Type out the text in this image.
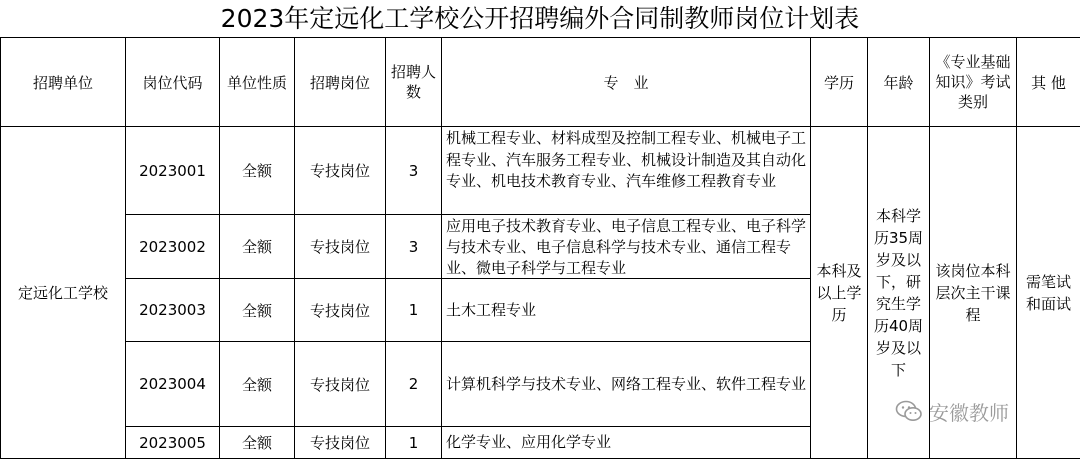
2023年定远化工学校公开招聘编外合同制教师岗位计划表
招聘单位	岗位代码	单位性质	招聘岗位	招聘人数	专　业	学历	年龄	《专业基础知识》考试类别	其 他
定远化工学校	2023001	全额	专技岗位	3	机械工程专业、材料成型及控制工程专业、机械电子工程专业、汽车服务工程专业、机械设计制造及其自动化专业、机电技术教育专业、汽车维修工程教育专业	本科及以上学历	本科学历35周岁及以下，研究生学历40周岁及以下	该岗位本科层次主干课程	需笔试和面试
	2023002	全额	专技岗位	3	应用电子技术教育专业、电子信息工程专业、电子科学与技术专业、电子信息科学与技术专业、通信工程专业、微电子科学与工程专业				

	2023003	全额	专技岗位	1	土木工程专业				
	2023004	全额	专技岗位	2	计算机科学与技术专业、网络工程专业、软件工程专业				
	2023005	全额	专技岗位	1	化学专业、应用化学专业				
安徽教师
